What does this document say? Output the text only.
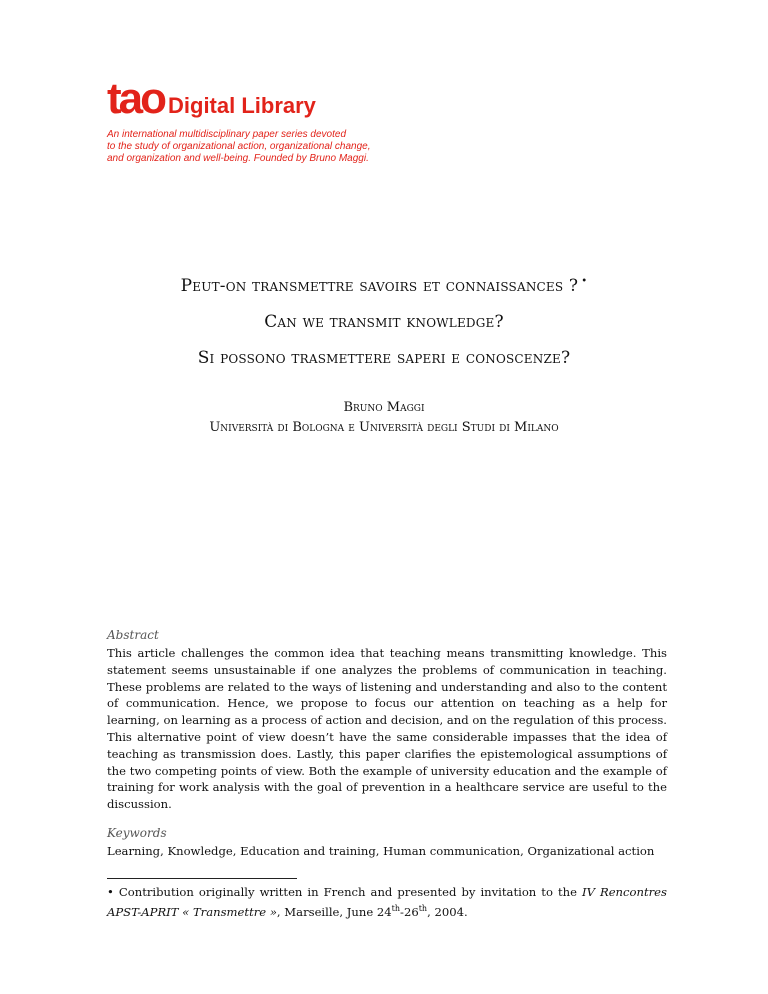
tao Digital Library
An international multidisciplinary paper series devoted
to the study of organizational action, organizational change,
and organization and well-being. Founded by Bruno Maggi.
Peut-on transmettre savoirs et connaissances ? •
Can we transmit knowledge?
Si possono trasmettere saperi e conoscenze?
Bruno Maggi
Università di Bologna e Università degli Studi di Milano
Abstract
This article challenges the common idea that teaching means transmitting knowledge. This statement seems unsustainable if one analyzes the problems of communication in teaching. These problems are related to the ways of listening and understanding and also to the content of communication. Hence, we propose to focus our attention on teaching as a help for learning, on learning as a process of action and decision, and on the regulation of this process. This alternative point of view doesn’t have the same considerable impasses that the idea of teaching as transmission does. Lastly, this paper clarifies the epistemological assumptions of the two competing points of view. Both the example of university education and the example of training for work analysis with the goal of prevention in a healthcare service are useful to the discussion.
Keywords
Learning, Knowledge, Education and training, Human communication, Organizational action
• Contribution originally written in French and presented by invitation to the IV Rencontres APST-APRIT « Transmettre », Marseille, June 24th-26th, 2004.
